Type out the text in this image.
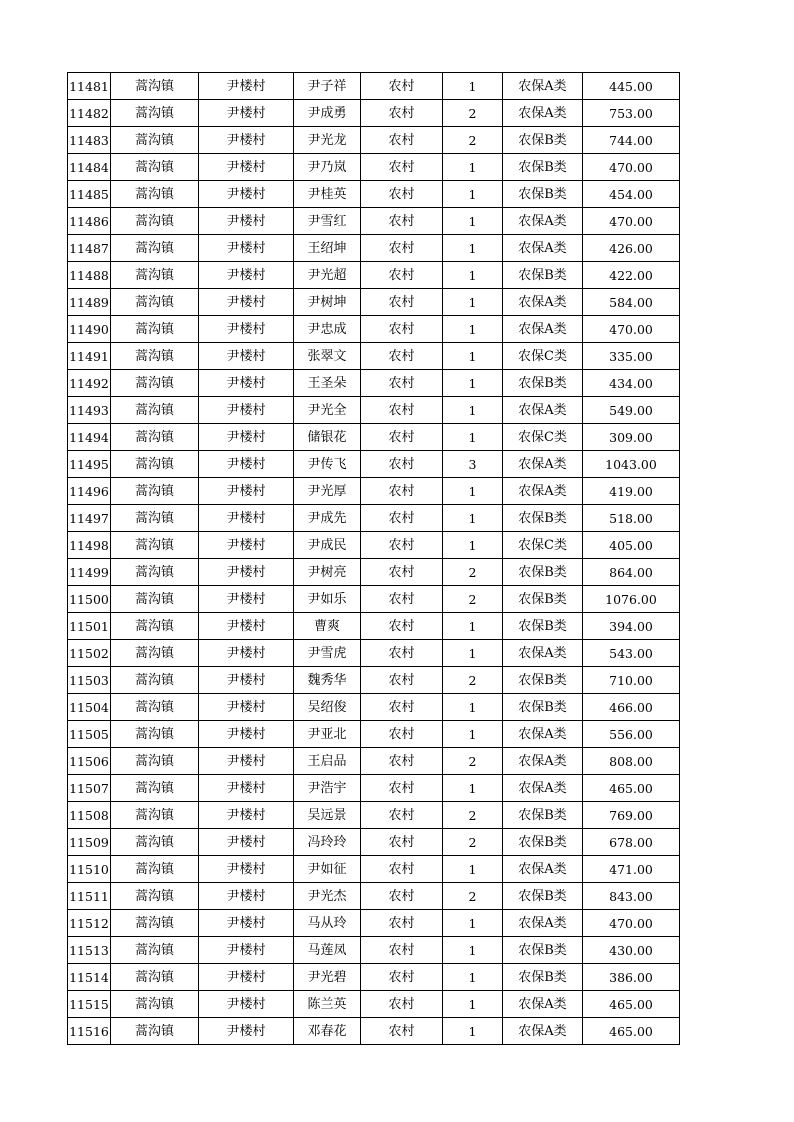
11481	蒿沟镇	尹楼村	尹子祥	农村	1	农保A类	445.00
11482	蒿沟镇	尹楼村	尹成勇	农村	2	农保A类	753.00
11483	蒿沟镇	尹楼村	尹光龙	农村	2	农保B类	744.00
11484	蒿沟镇	尹楼村	尹乃岚	农村	1	农保B类	470.00
11485	蒿沟镇	尹楼村	尹桂英	农村	1	农保B类	454.00
11486	蒿沟镇	尹楼村	尹雪红	农村	1	农保A类	470.00
11487	蒿沟镇	尹楼村	王绍坤	农村	1	农保A类	426.00
11488	蒿沟镇	尹楼村	尹光超	农村	1	农保B类	422.00
11489	蒿沟镇	尹楼村	尹树坤	农村	1	农保A类	584.00
11490	蒿沟镇	尹楼村	尹忠成	农村	1	农保A类	470.00
11491	蒿沟镇	尹楼村	张翠文	农村	1	农保C类	335.00
11492	蒿沟镇	尹楼村	王圣朵	农村	1	农保B类	434.00
11493	蒿沟镇	尹楼村	尹光全	农村	1	农保A类	549.00
11494	蒿沟镇	尹楼村	储银花	农村	1	农保C类	309.00
11495	蒿沟镇	尹楼村	尹传飞	农村	3	农保A类	1043.00
11496	蒿沟镇	尹楼村	尹光厚	农村	1	农保A类	419.00
11497	蒿沟镇	尹楼村	尹成先	农村	1	农保B类	518.00
11498	蒿沟镇	尹楼村	尹成民	农村	1	农保C类	405.00
11499	蒿沟镇	尹楼村	尹树亮	农村	2	农保B类	864.00
11500	蒿沟镇	尹楼村	尹如乐	农村	2	农保B类	1076.00
11501	蒿沟镇	尹楼村	曹爽	农村	1	农保B类	394.00
11502	蒿沟镇	尹楼村	尹雪虎	农村	1	农保A类	543.00
11503	蒿沟镇	尹楼村	魏秀华	农村	2	农保B类	710.00
11504	蒿沟镇	尹楼村	吴绍俊	农村	1	农保B类	466.00
11505	蒿沟镇	尹楼村	尹亚北	农村	1	农保A类	556.00
11506	蒿沟镇	尹楼村	王启品	农村	2	农保A类	808.00
11507	蒿沟镇	尹楼村	尹浩宇	农村	1	农保A类	465.00
11508	蒿沟镇	尹楼村	吴远景	农村	2	农保B类	769.00
11509	蒿沟镇	尹楼村	冯玲玲	农村	2	农保B类	678.00
11510	蒿沟镇	尹楼村	尹如征	农村	1	农保A类	471.00
11511	蒿沟镇	尹楼村	尹光杰	农村	2	农保B类	843.00
11512	蒿沟镇	尹楼村	马从玲	农村	1	农保A类	470.00
11513	蒿沟镇	尹楼村	马莲凤	农村	1	农保B类	430.00
11514	蒿沟镇	尹楼村	尹光碧	农村	1	农保B类	386.00
11515	蒿沟镇	尹楼村	陈兰英	农村	1	农保A类	465.00
11516	蒿沟镇	尹楼村	邓春花	农村	1	农保A类	465.00
